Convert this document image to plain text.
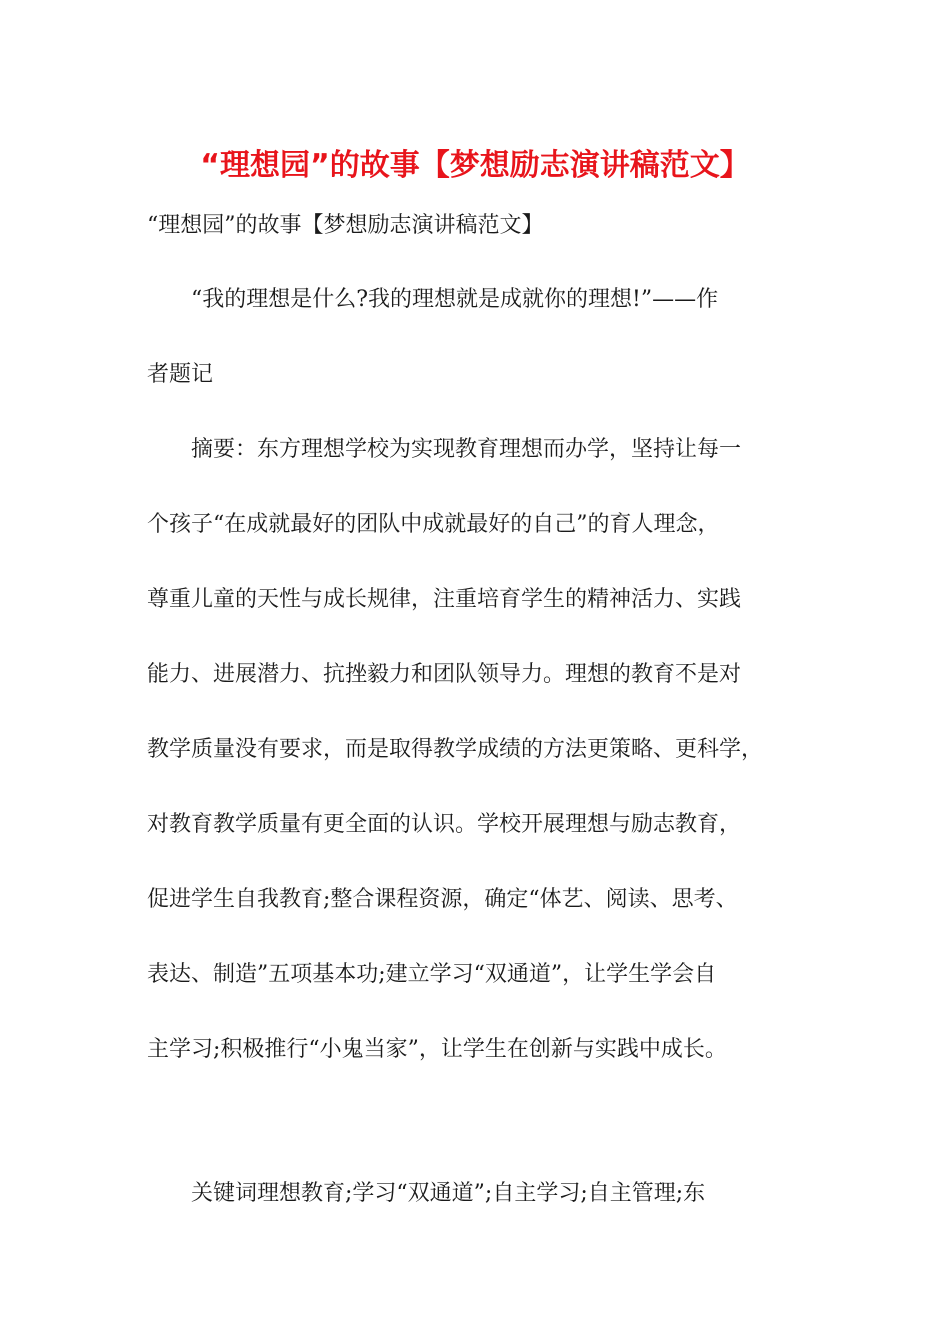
“理想园”的故事【梦想励志演讲稿范文】

“理想园”的故事【梦想励志演讲稿范文】

“我的理想是什么?我的理想就是成就你的理想!”——作
者题记
摘要：东方理想学校为实现教育理想而办学，坚持让每一
个孩子“在成就最好的团队中成就最好的自己”的育人理念，
尊重儿童的天性与成长规律，注重培育学生的精神活力、实践
能力、进展潜力、抗挫毅力和团队领导力。理想的教育不是对
教学质量没有要求，而是取得教学成绩的方法更策略、更科学，
对教育教学质量有更全面的认识。学校开展理想与励志教育，
促进学生自我教育;整合课程资源，确定“体艺、阅读、思考、
表达、制造”五项基本功;建立学习“双通道”，让学生学会自
主学习;积极推行“小鬼当家”，让学生在创新与实践中成长。
关键词理想教育;学习“双通道”;自主学习;自主管理;东
